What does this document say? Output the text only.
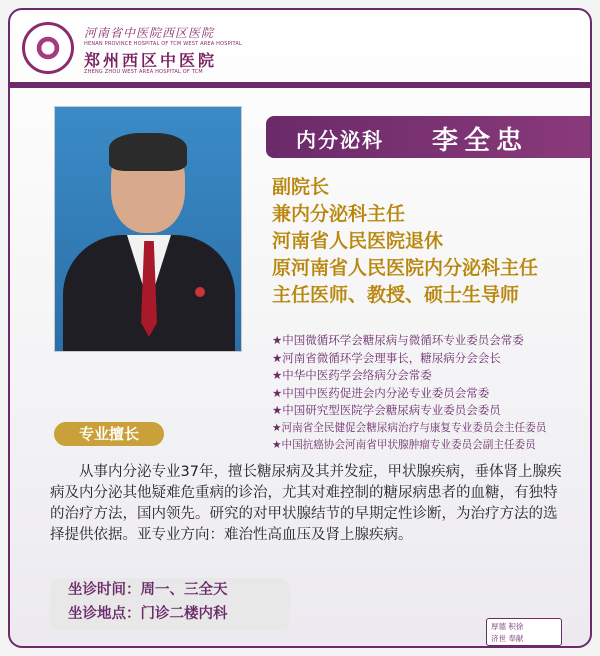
河南省中医院西区医院
HENAN PROVINCE HOSPITAL OF TCM WEST AREA HOSPITAL
郑州西区中医院
ZHENG ZHOU WEST AREA HOSPITAL OF TCM
内分泌科 李全忠
副院长
兼内分泌科主任
河南省人民医院退休
原河南省人民医院内分泌科主任
主任医师、教授、硕士生导师
★中国微循环学会糖尿病与微循环专业委员会常委
★河南省微循环学会理事长，糖尿病分会会长
★中华中医药学会络病分会常委
★中国中医药促进会内分泌专业委员会常委
★中国研究型医院学会糖尿病专业委员会委员
★河南省全民健促会糖尿病治疗与康复专业委员会主任委员
★中国抗癌协会河南省甲状腺肿瘤专业委员会副主任委员
专业擅长
从事内分泌专业37年，擅长糖尿病及其并发症，甲状腺疾病，垂体肾上腺疾病及内分泌其他疑难危重病的诊治，尤其对难控制的糖尿病患者的血糖，有独特的治疗方法，国内领先。研究的对甲状腺结节的早期定性诊断，为治疗方法的选择提供依据。亚专业方向：难治性高血压及肾上腺疾病。
坐诊时间：周一、三全天
坐诊地点：门诊二楼内科
厚德 积徐
济世 奉献
